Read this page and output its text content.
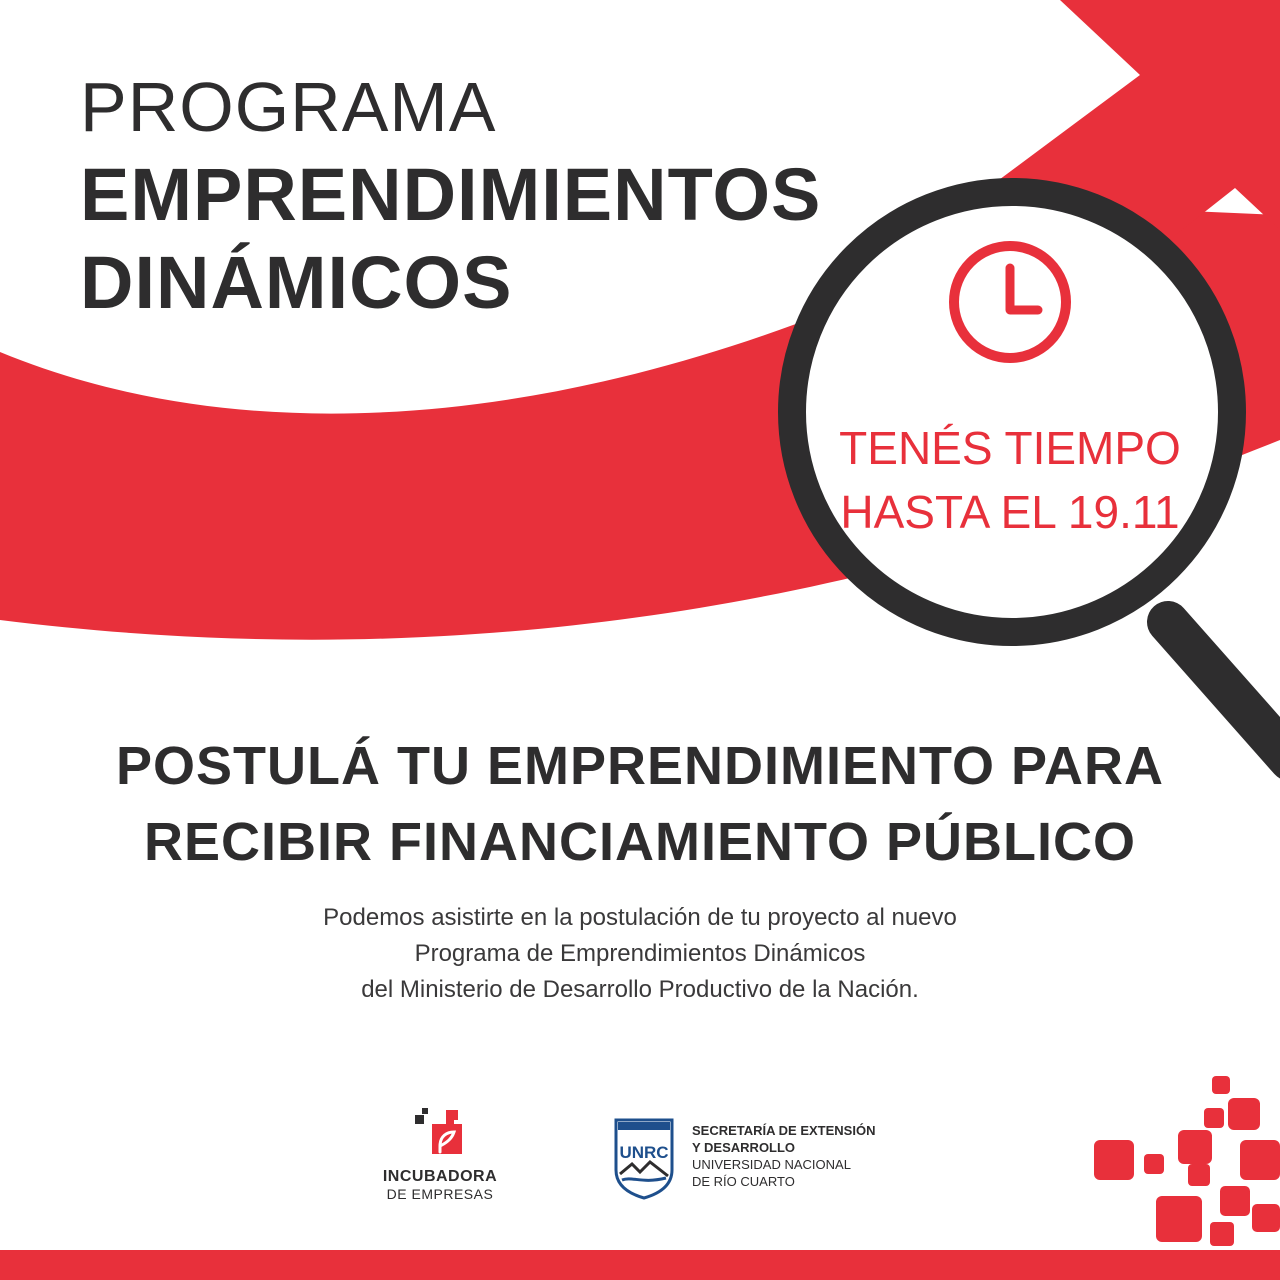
PROGRAMA
EMPRENDIMIENTOS
DINÁMICOS
TENÉS TIEMPO
HASTA EL 19.11
POSTULÁ TU EMPRENDIMIENTO PARA
RECIBIR FINANCIAMIENTO PÚBLICO
Podemos asistirte en la postulación de tu proyecto al nuevo
Programa de Emprendimientos Dinámicos
del Ministerio de Desarrollo Productivo de la Nación.
INCUBADORA
DE EMPRESAS
UNRC
SECRETARÍA DE EXTENSIÓN
Y DESARROLLO
UNIVERSIDAD NACIONAL
DE RÍO CUARTO
